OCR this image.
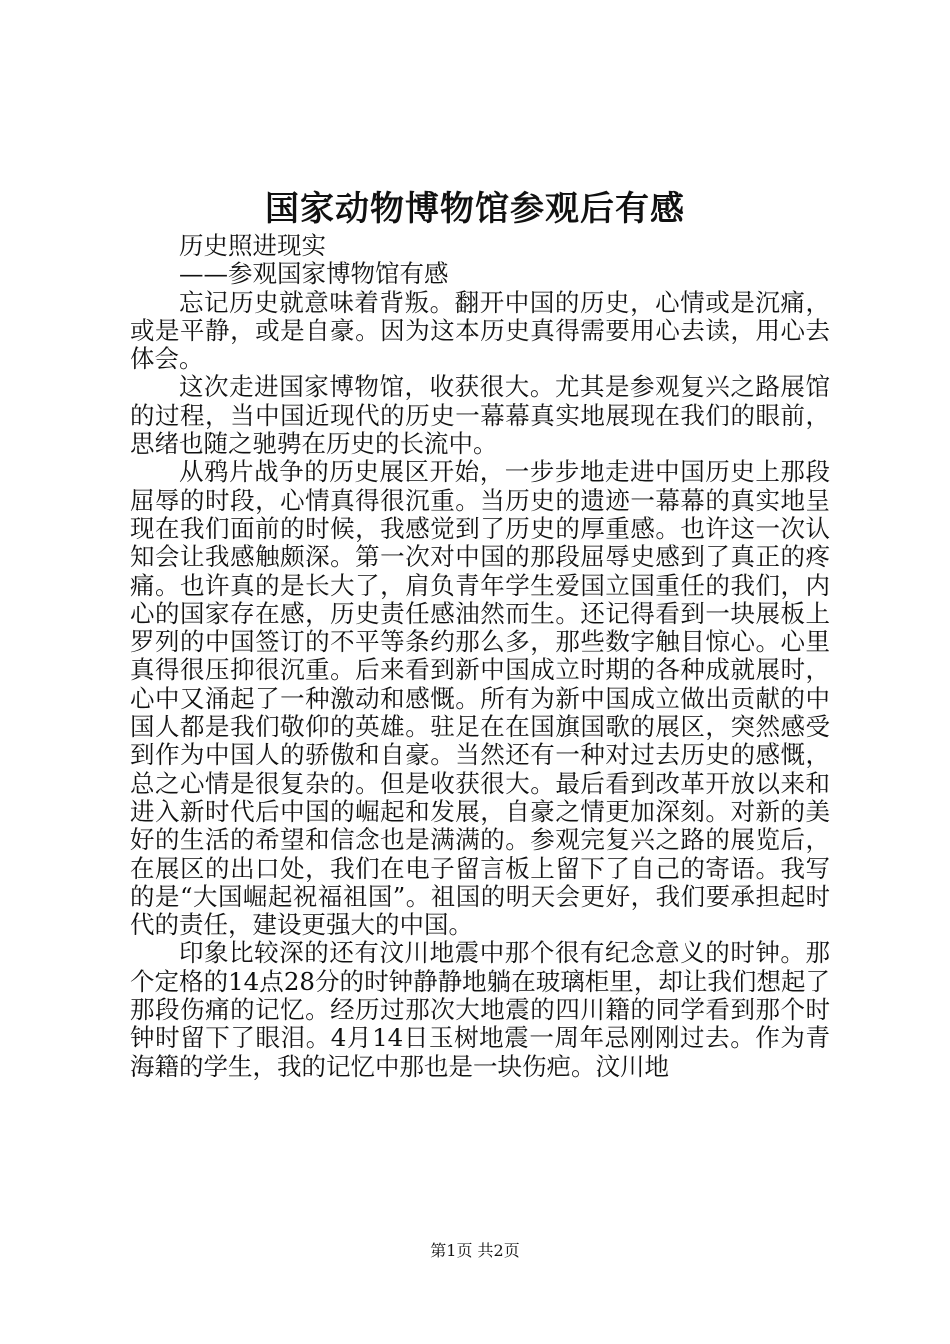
国家动物博物馆参观后有感

历史照进现实

——参观国家博物馆有感

忘记历史就意味着背叛。翻开中国的历史，心情或是沉痛，或是平静，或是自豪。因为这本历史真得需要用心去读，用心去体会。

这次走进国家博物馆，收获很大。尤其是参观复兴之路展馆的过程，当中国近现代的历史一幕幕真实地展现在我们的眼前，思绪也随之驰骋在历史的长流中。

从鸦片战争的历史展区开始，一步步地走进中国历史上那段屈辱的时段，心情真得很沉重。当历史的遗迹一幕幕的真实地呈现在我们面前的时候，我感觉到了历史的厚重感。也许这一次认知会让我感触颇深。第一次对中国的那段屈辱史感到了真正的疼痛。也许真的是长大了，肩负青年学生爱国立国重任的我们，内心的国家存在感，历史责任感油然而生。还记得看到一块展板上罗列的中国签订的不平等条约那么多，那些数字触目惊心。心里真得很压抑很沉重。后来看到新中国成立时期的各种成就展时，心中又涌起了一种激动和感慨。所有为新中国成立做出贡献的中国人都是我们敬仰的英雄。驻足在在国旗国歌的展区，突然感受到作为中国人的骄傲和自豪。当然还有一种对过去历史的感慨，总之心情是很复杂的。但是收获很大。最后看到改革开放以来和进入新时代后中国的崛起和发展，自豪之情更加深刻。对新的美好的生活的希望和信念也是满满的。参观完复兴之路的展览后，在展区的出口处，我们在电子留言板上留下了自己的寄语。我写的是“大国崛起祝福祖国”。祖国的明天会更好，我们要承担起时代的责任，建设更强大的中国。

印象比较深的还有汶川地震中那个很有纪念意义的时钟。那个定格的14点28分的时钟静静地躺在玻璃柜里，却让我们想起了那段伤痛的记忆。经历过那次大地震的四川籍的同学看到那个时钟时留下了眼泪。4月14日玉树地震一周年忌刚刚过去。作为青海籍的学生，我的记忆中那也是一块伤疤。汶川地

第1页 共2页
